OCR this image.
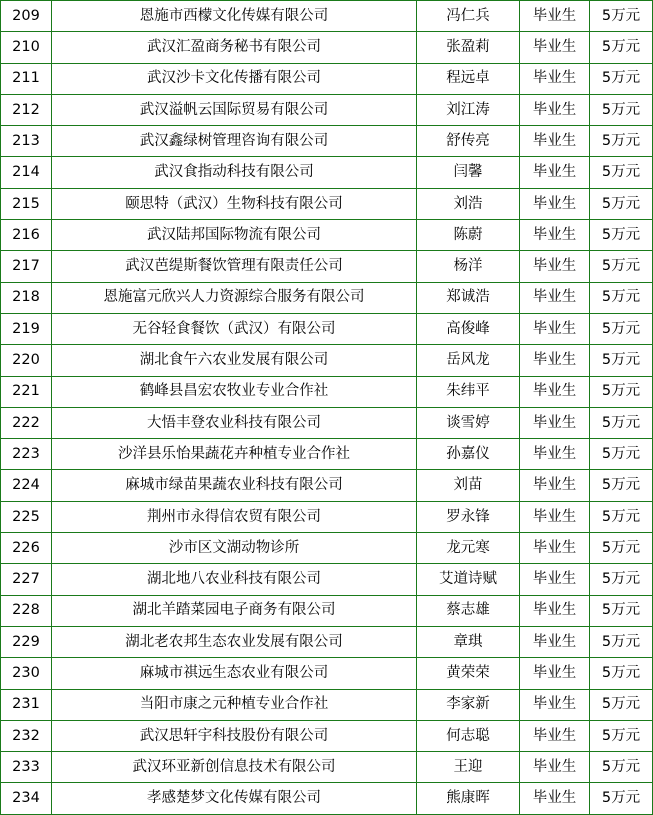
209	恩施市西檬文化传媒有限公司	冯仁兵	毕业生	5万元
210	武汉汇盈商务秘书有限公司	张盈莉	毕业生	5万元
211	武汉沙卡文化传播有限公司	程远卓	毕业生	5万元
212	武汉溢帆云国际贸易有限公司	刘江涛	毕业生	5万元
213	武汉鑫绿树管理咨询有限公司	舒传亮	毕业生	5万元
214	武汉食指动科技有限公司	闫馨	毕业生	5万元
215	颐思特（武汉）生物科技有限公司	刘浩	毕业生	5万元
216	武汉陆邦国际物流有限公司	陈蔚	毕业生	5万元
217	武汉芭缇斯餐饮管理有限责任公司	杨洋	毕业生	5万元
218	恩施富元欣兴人力资源综合服务有限公司	郑诚浩	毕业生	5万元
219	无谷轻食餐饮（武汉）有限公司	高俊峰	毕业生	5万元
220	湖北食午六农业发展有限公司	岳风龙	毕业生	5万元
221	鹤峰县昌宏农牧业专业合作社	朱纬平	毕业生	5万元
222	大悟丰登农业科技有限公司	谈雪婷	毕业生	5万元
223	沙洋县乐怡果蔬花卉种植专业合作社	孙嘉仪	毕业生	5万元
224	麻城市绿苗果蔬农业科技有限公司	刘苗	毕业生	5万元
225	荆州市永得信农贸有限公司	罗永锋	毕业生	5万元
226	沙市区文湖动物诊所	龙元寒	毕业生	5万元
227	湖北地八农业科技有限公司	艾道诗赋	毕业生	5万元
228	湖北羊踏菜园电子商务有限公司	蔡志雄	毕业生	5万元
229	湖北老农邦生态农业发展有限公司	章琪	毕业生	5万元
230	麻城市祺远生态农业有限公司	黄荣荣	毕业生	5万元
231	当阳市康之元种植专业合作社	李家新	毕业生	5万元
232	武汉思轩宇科技股份有限公司	何志聪	毕业生	5万元
233	武汉环亚新创信息技术有限公司	王迎	毕业生	5万元
234	孝感楚梦文化传媒有限公司	熊康晖	毕业生	5万元
